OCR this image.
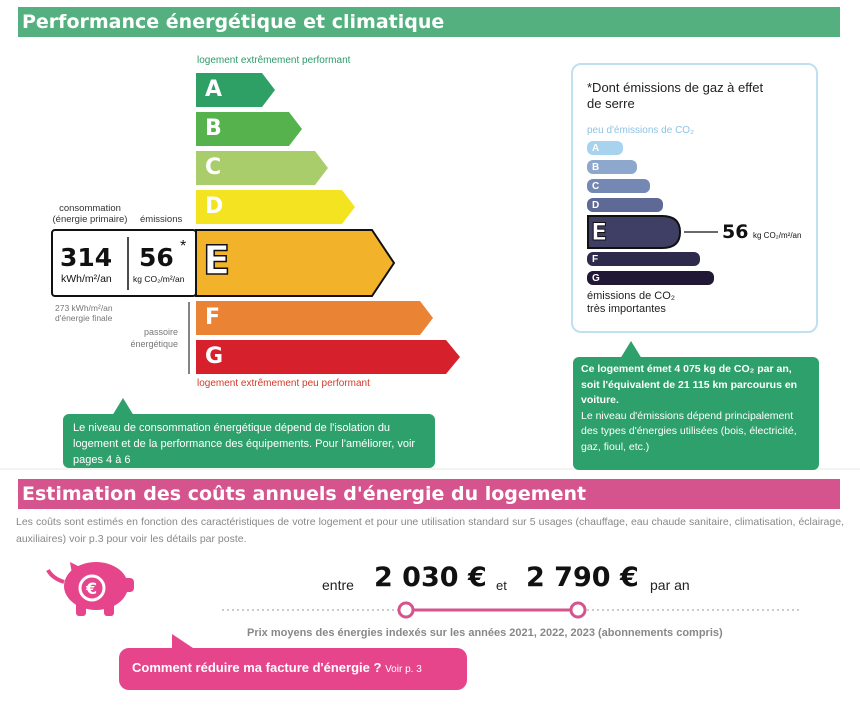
Performance énergétique et climatique
logement extrêmement performant
logement extrêmement peu performant
A
B
C
D
E
F
G
consommation
(énergie primaire) émissions
314
kWh/m²/an
56 *
kg CO₂/m²/an
273 kWh/m²/an
d'énergie finale
passoire
énergétique
Le niveau de consommation énergétique dépend de l'isolation du logement et de la performance des équipements. Pour l'améliorer, voir pages 4 à 6
*Dont émissions de gaz à effet de serre
peu d'émissions de CO₂
A
B
C
D
E
F
G
56 kg CO₂/m²/an
émissions de CO₂
très importantes
Ce logement émet 4 075 kg de CO₂ par an, soit l'équivalent de 21 115 km parcourus en voiture.
Le niveau d'émissions dépend principalement des types d'énergies utilisées (bois, électricité, gaz, fioul, etc.)
Estimation des coûts annuels d'énergie du logement
Les coûts sont estimés en fonction des caractéristiques de votre logement et pour une utilisation standard sur 5 usages (chauffage, eau chaude sanitaire, climatisation, éclairage, auxiliaires) voir p.3 pour voir les détails par poste.
€	entre 2 030 € et 2 790 € par an
Prix moyens des énergies indexés sur les années 2021, 2022, 2023 (abonnements compris)
Comment réduire ma facture d'énergie ? Voir p. 3
